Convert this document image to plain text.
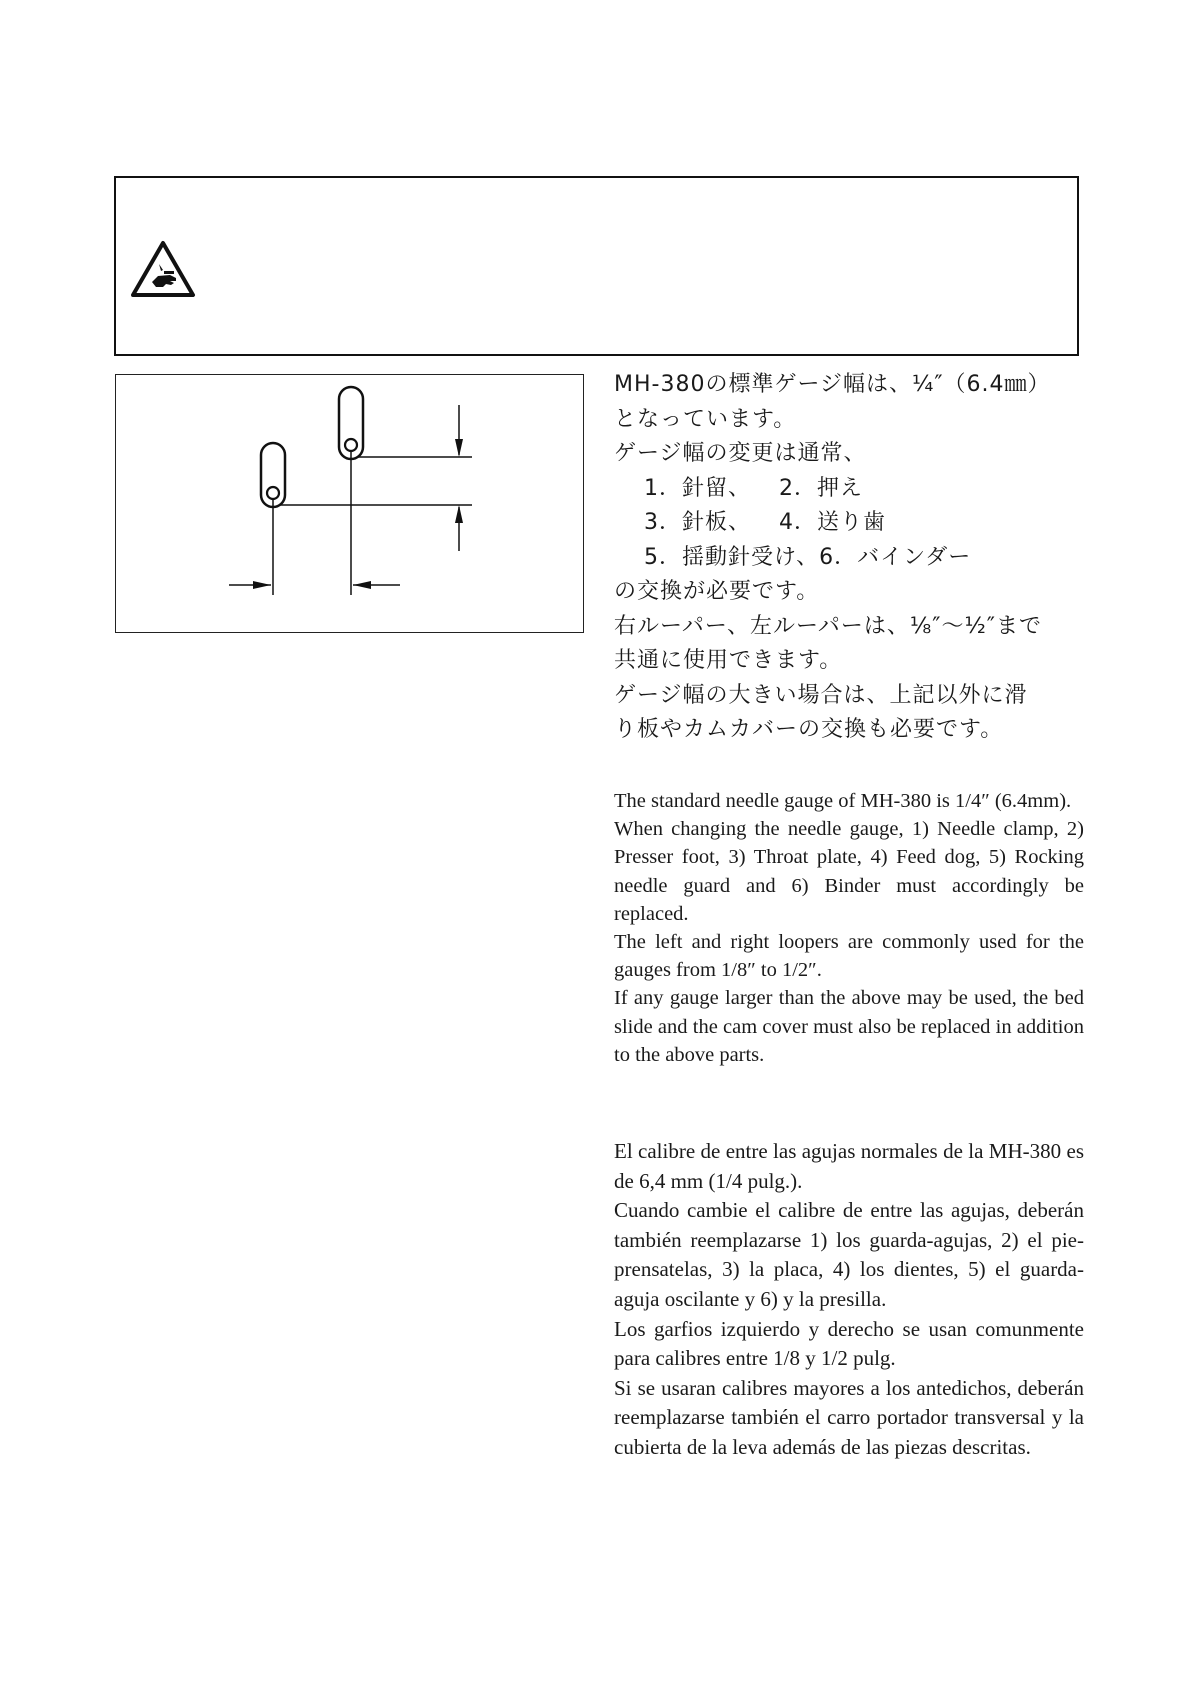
MH-380の標準ゲージ幅は、¼″（6.4㎜）
となっています。
ゲージ幅の変更は通常、
1．針留、 2．押え
3．針板、 4．送り歯
5．揺動針受け、6．バインダー
の交換が必要です。
右ルーパー、左ルーパーは、⅛″～½″まで
共通に使用できます。
ゲージ幅の大きい場合は、上記以外に滑
り板やカムカバーの交換も必要です。

The standard needle gauge of MH-380 is 1/4″ (6.4mm).

When changing the needle gauge, 1) Needle clamp, 2) Presser foot, 3) Throat plate, 4) Feed dog, 5) Rocking needle guard and 6) Binder must accordingly be replaced.

The left and right loopers are commonly used for the gauges from 1/8″ to 1/2″.

If any gauge larger than the above may be used, the bed slide and the cam cover must also be replaced in addition to the above parts.

El calibre de entre las agujas normales de la MH-380 es de 6,4 mm (1/4 pulg.).

Cuando cambie el calibre de entre las agujas, deberán también reemplazarse 1) los guarda-agujas, 2) el pie-prensatelas, 3) la placa, 4) los dientes, 5) el guarda-aguja oscilante y 6) y la presilla.

Los garfios izquierdo y derecho se usan comunmente para calibres entre 1/8 y 1/2 pulg.

Si se usaran calibres mayores a los antedichos, deberán reemplazarse también el carro portador transversal y la cubierta de la leva además de las piezas descritas.
